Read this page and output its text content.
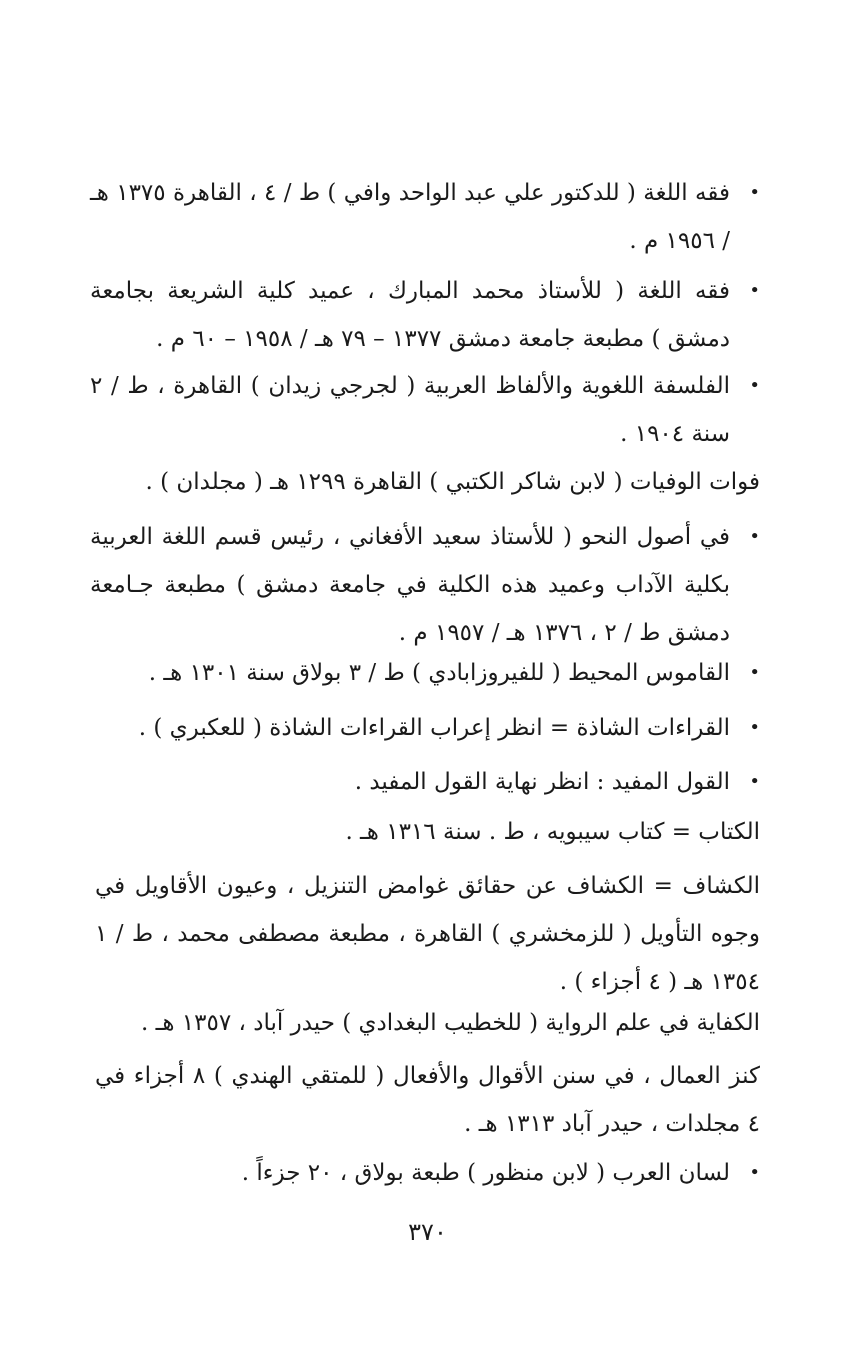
•
فقه اللغة ( للدكتور علي عبد الواحد وافي ) ط / ٤ ، القاهرة ١٣٧٥ هـ / ١٩٥٦ م .
•
فقه اللغة ( للأستاذ محمد المبارك ، عميد كلية الشريعة بجامعة دمشق ) مطبعة جامعة دمشق ١٣٧٧ – ٧٩ هـ / ١٩٥٨ – ٦٠ م .
•
الفلسفة اللغوية والألفاظ العربية ( لجرجي زيدان ) القاهرة ، ط / ٢ سنة ١٩٠٤ .
فوات الوفيات ( لابن شاكر الكتبي ) القاهرة ١٢٩٩ هـ ( مجلدان ) .
•
في أصول النحو ( للأستاذ سعيد الأفغاني ، رئيس قسم اللغة العربية بكلية الآداب وعميد هذه الكلية في جامعة دمشق ) مطبعة جـامعة دمشق ط / ٢ ، ١٣٧٦ هـ / ١٩٥٧ م .
•
القاموس المحيط ( للفيروزابادي ) ط / ٣ بولاق سنة ١٣٠١ هـ .
•
القراءات الشاذة = انظر إعراب القراءات الشاذة ( للعكبري ) .
•
القول المفيد : انظر نهاية القول المفيد .
الكتاب = كتاب سيبويه ، ط . سنة ١٣١٦ هـ .
الكشاف = الكشاف عن حقائق غوامض التنزيل ، وعيون الأقاويل في وجوه التأويل ( للزمخشري ) القاهرة ، مطبعة مصطفى محمد ، ط / ١ ١٣٥٤ هـ ( ٤ أجزاء ) .
الكفاية في علم الرواية ( للخطيب البغدادي ) حيدر آباد ، ١٣٥٧ هـ .
كنز العمال ، في سنن الأقوال والأفعال ( للمتقي الهندي ) ٨ أجزاء في ٤ مجلدات ، حيدر آباد ١٣١٣ هـ .
•
لسان العرب ( لابن منظور ) طبعة بولاق ، ٢٠ جزءاً .
٣٧٠
